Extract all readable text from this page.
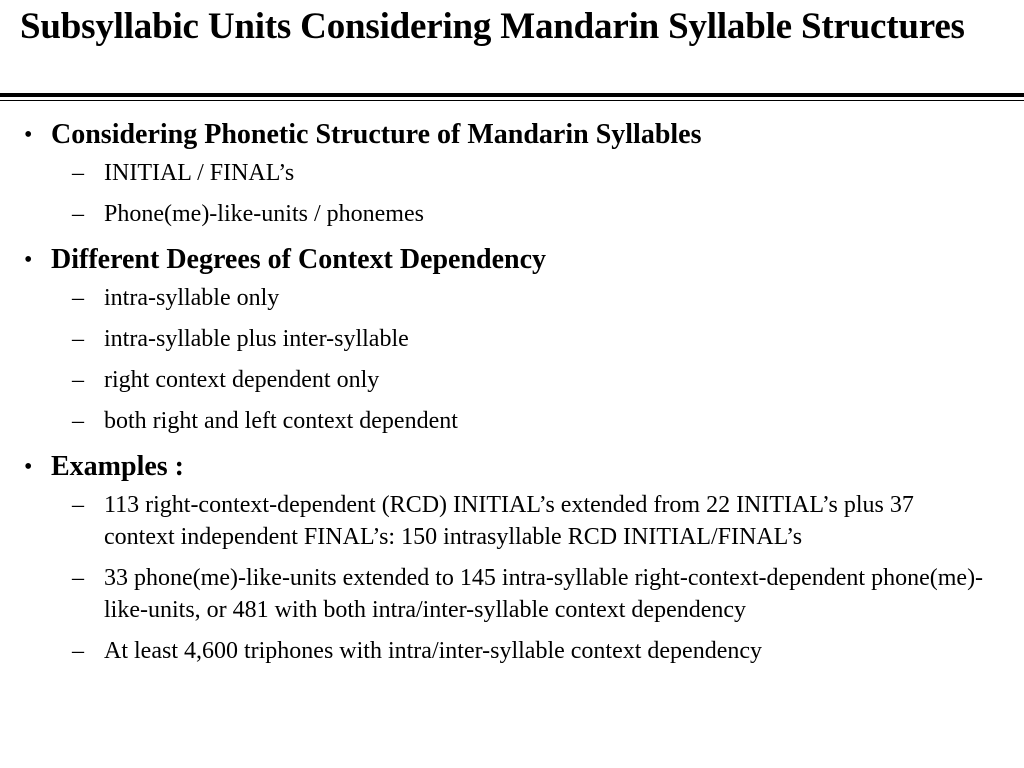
Subsyllabic Units Considering Mandarin Syllable Structures
• Considering Phonetic Structure of Mandarin Syllables
– INITIAL / FINAL’s
– Phone(me)-like-units / phonemes
• Different Degrees of Context Dependency
– intra-syllable only
– intra-syllable plus inter-syllable
– right context dependent only
– both right and left context dependent
• Examples :
– 113 right-context-dependent (RCD) INITIAL’s extended from 22 INITIAL’s plus 37 context independent FINAL’s: 150 intrasyllable RCD INITIAL/FINAL’s
– 33 phone(me)-like-units extended to 145 intra-syllable right-context-dependent phone(me)-like-units, or 481 with both intra/inter-syllable context dependency
– At least 4,600 triphones with intra/inter-syllable context dependency
